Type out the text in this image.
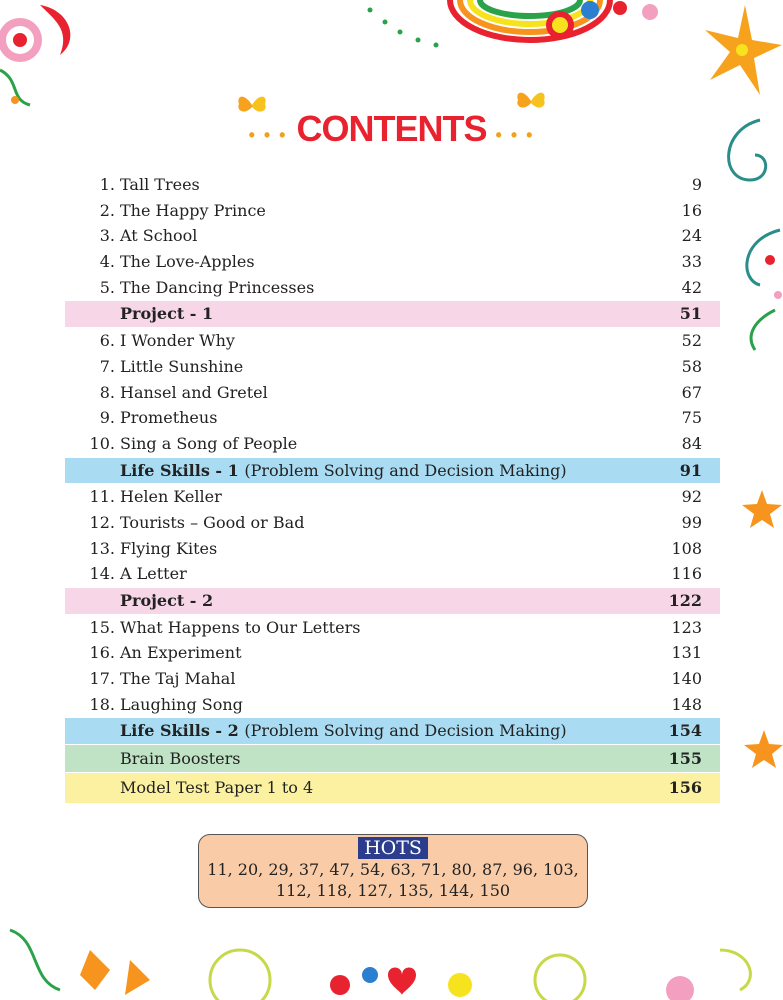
• • • CONTENTS • • •
1. Tall Trees	9
2. The Happy Prince	16
3. At School	24
4. The Love-Apples	33
5. The Dancing Princesses	42
Project - 1	51
6. I Wonder Why	52
7. Little Sunshine	58
8. Hansel and Gretel	67
9. Prometheus	75
10. Sing a Song of People	84
Life Skills - 1 (Problem Solving and Decision Making)	91
11. Helen Keller	92
12. Tourists – Good or Bad	99
13. Flying Kites	108
14. A Letter	116
Project - 2	122
15. What Happens to Our Letters	123
16. An Experiment	131
17. The Taj Mahal	140
18. Laughing Song	148
Life Skills - 2 (Problem Solving and Decision Making)	154
Brain Boosters	155
Model Test Paper 1 to 4	156
HOTS
11, 20, 29, 37, 47, 54, 63, 71, 80, 87, 96, 103,
112, 118, 127, 135, 144, 150
